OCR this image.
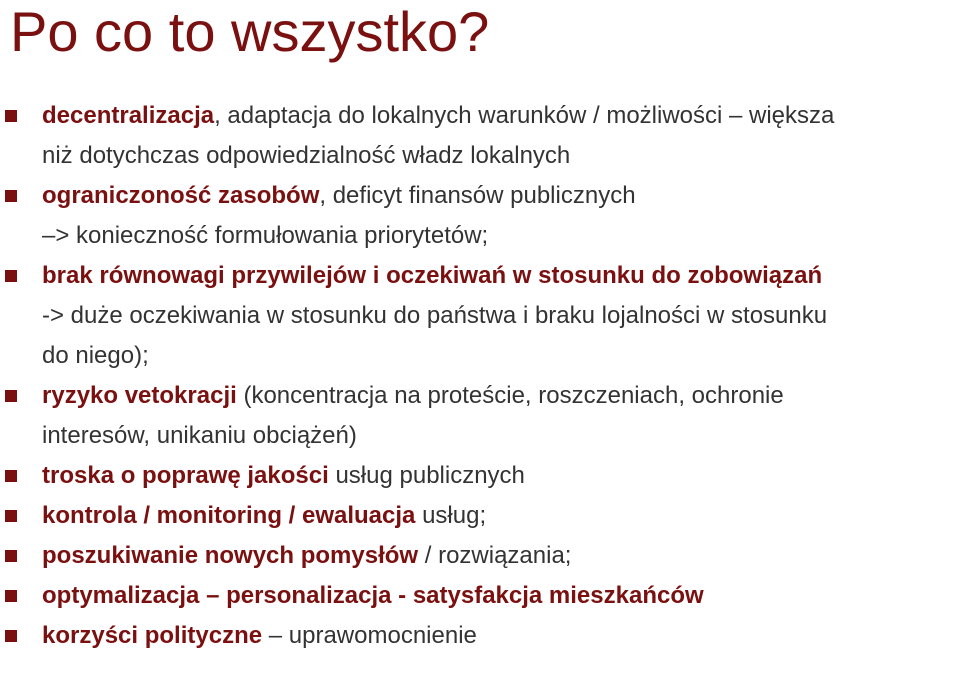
Po co to wszystko?
decentralizacja, adaptacja do lokalnych warunków / możliwości – większa
niż dotychczas odpowiedzialność władz lokalnych
ograniczoność zasobów, deficyt finansów publicznych
–> konieczność formułowania priorytetów;
brak równowagi przywilejów i oczekiwań w stosunku do zobowiązań
-> duże oczekiwania w stosunku do państwa i braku lojalności w stosunku
do niego);
ryzyko vetokracji (koncentracja na proteście, roszczeniach, ochronie
interesów, unikaniu obciążeń)
troska o poprawę jakości usług publicznych
kontrola / monitoring / ewaluacja usług;
poszukiwanie nowych pomysłów / rozwiązania;
optymalizacja – personalizacja - satysfakcja mieszkańców
korzyści polityczne – uprawomocnienie
